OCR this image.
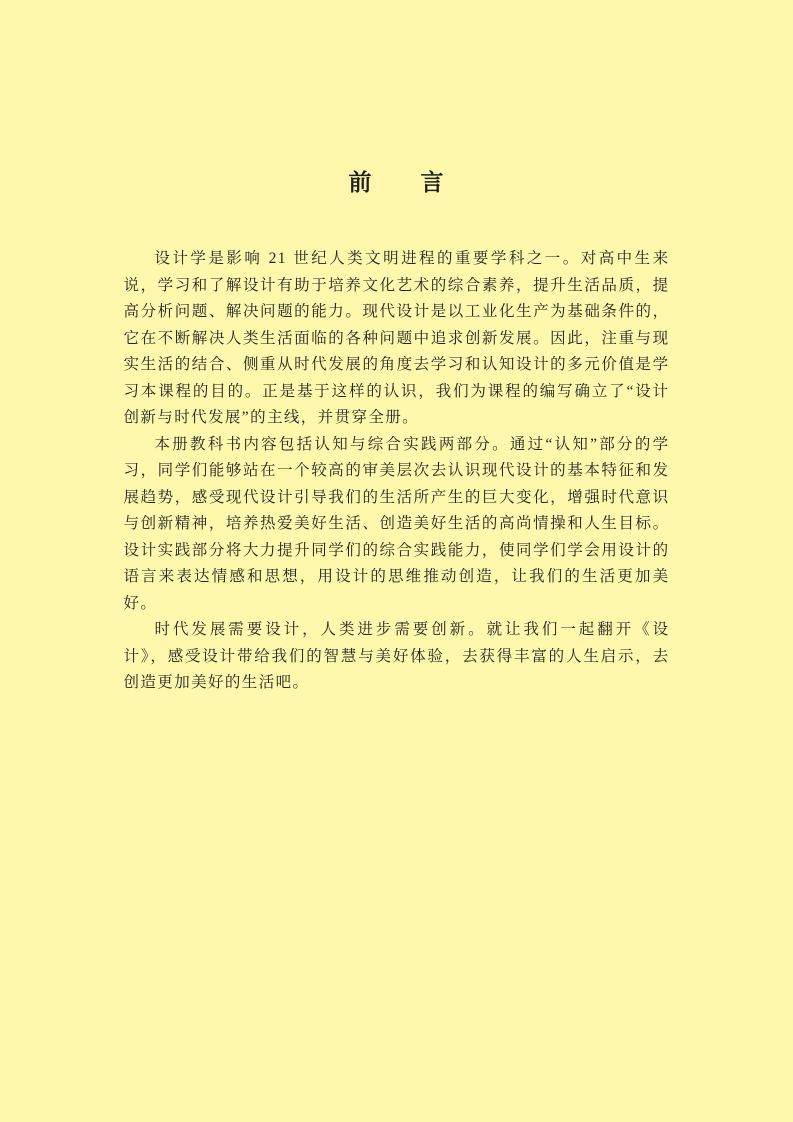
前　　言

设计学是影响 21 世纪人类文明进程的重要学科之一。对高中生来说，学习和了解设计有助于培养文化艺术的综合素养，提升生活品质，提高分析问题、解决问题的能力。现代设计是以工业化生产为基础条件的，它在不断解决人类生活面临的各种问题中追求创新发展。因此，注重与现实生活的结合、侧重从时代发展的角度去学习和认知设计的多元价值是学习本课程的目的。正是基于这样的认识，我们为课程的编写确立了“设计创新与时代发展”的主线，并贯穿全册。

本册教科书内容包括认知与综合实践两部分。通过“认知”部分的学习，同学们能够站在一个较高的审美层次去认识现代设计的基本特征和发展趋势，感受现代设计引导我们的生活所产生的巨大变化，增强时代意识与创新精神，培养热爱美好生活、创造美好生活的高尚情操和人生目标。设计实践部分将大力提升同学们的综合实践能力，使同学们学会用设计的语言来表达情感和思想，用设计的思维推动创造，让我们的生活更加美好。

时代发展需要设计，人类进步需要创新。就让我们一起翻开《设计》，感受设计带给我们的智慧与美好体验，去获得丰富的人生启示，去创造更加美好的生活吧。
